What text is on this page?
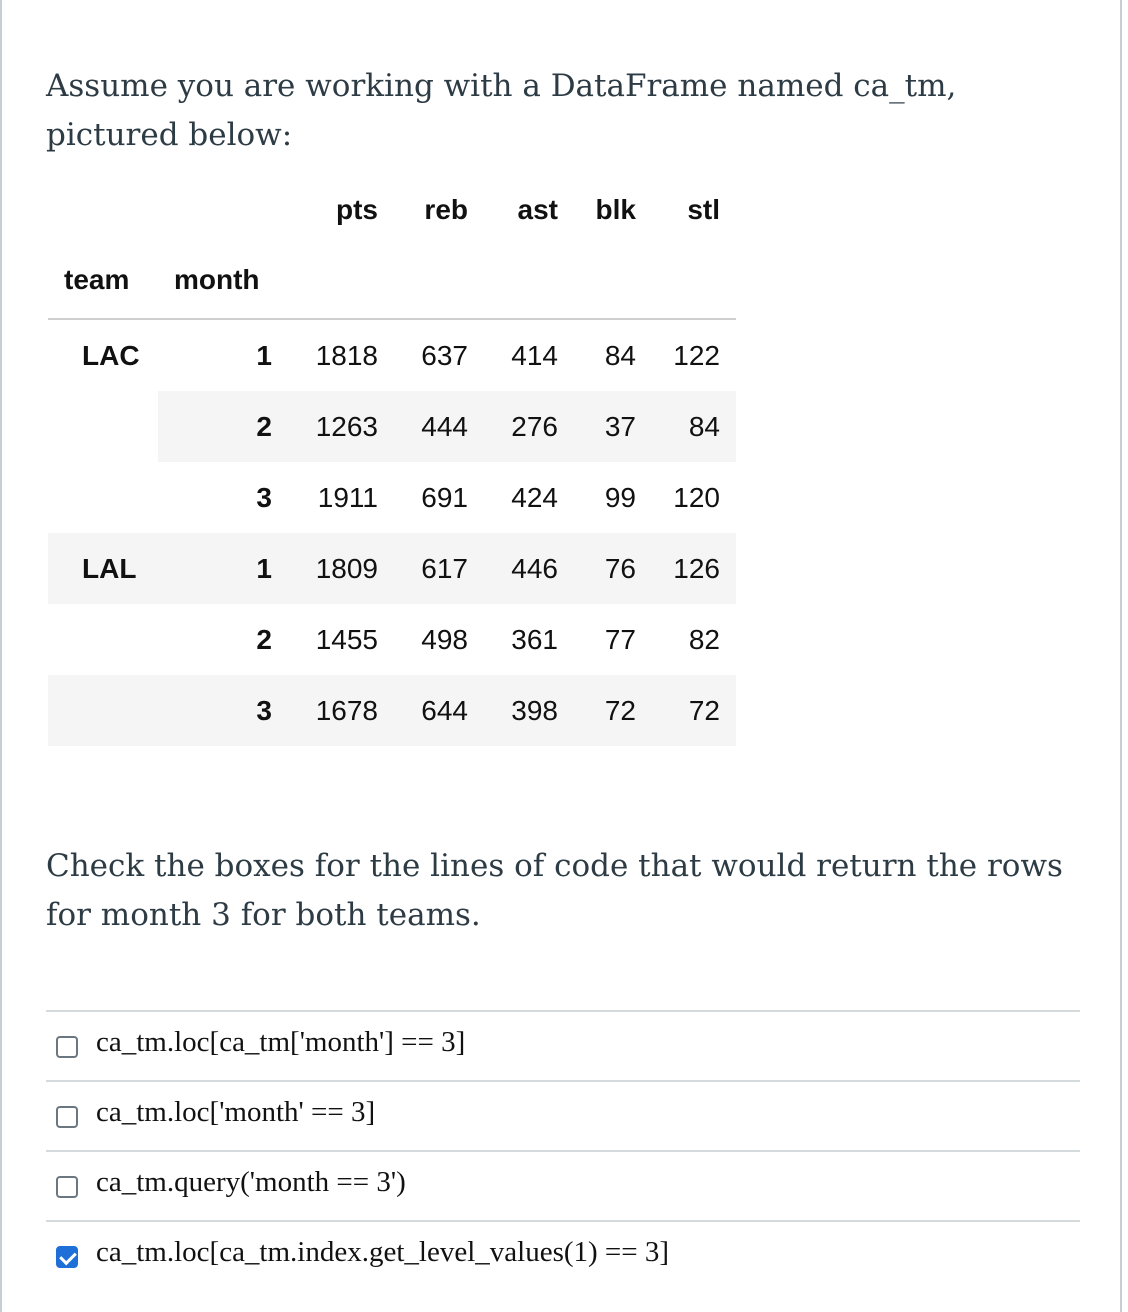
Assume you are working with a DataFrame named ca_tm, pictured below:

pts reb ast blk stl
team month
LAC	1 1818 637 414 84 122
2 1263 444 276 37 84
3 1911 691 424 99 120
LAL	1 1809 617 446 76 126
2 1455 498 361 77 82
3 1678 644 398 72 72

Check the boxes for the lines of code that would return the rows for month 3 for both teams.

ca_tm.loc[ca_tm['month'] == 3]
ca_tm.loc['month' == 3]
ca_tm.query('month == 3')
ca_tm.loc[ca_tm.index.get_level_values(1) == 3]
